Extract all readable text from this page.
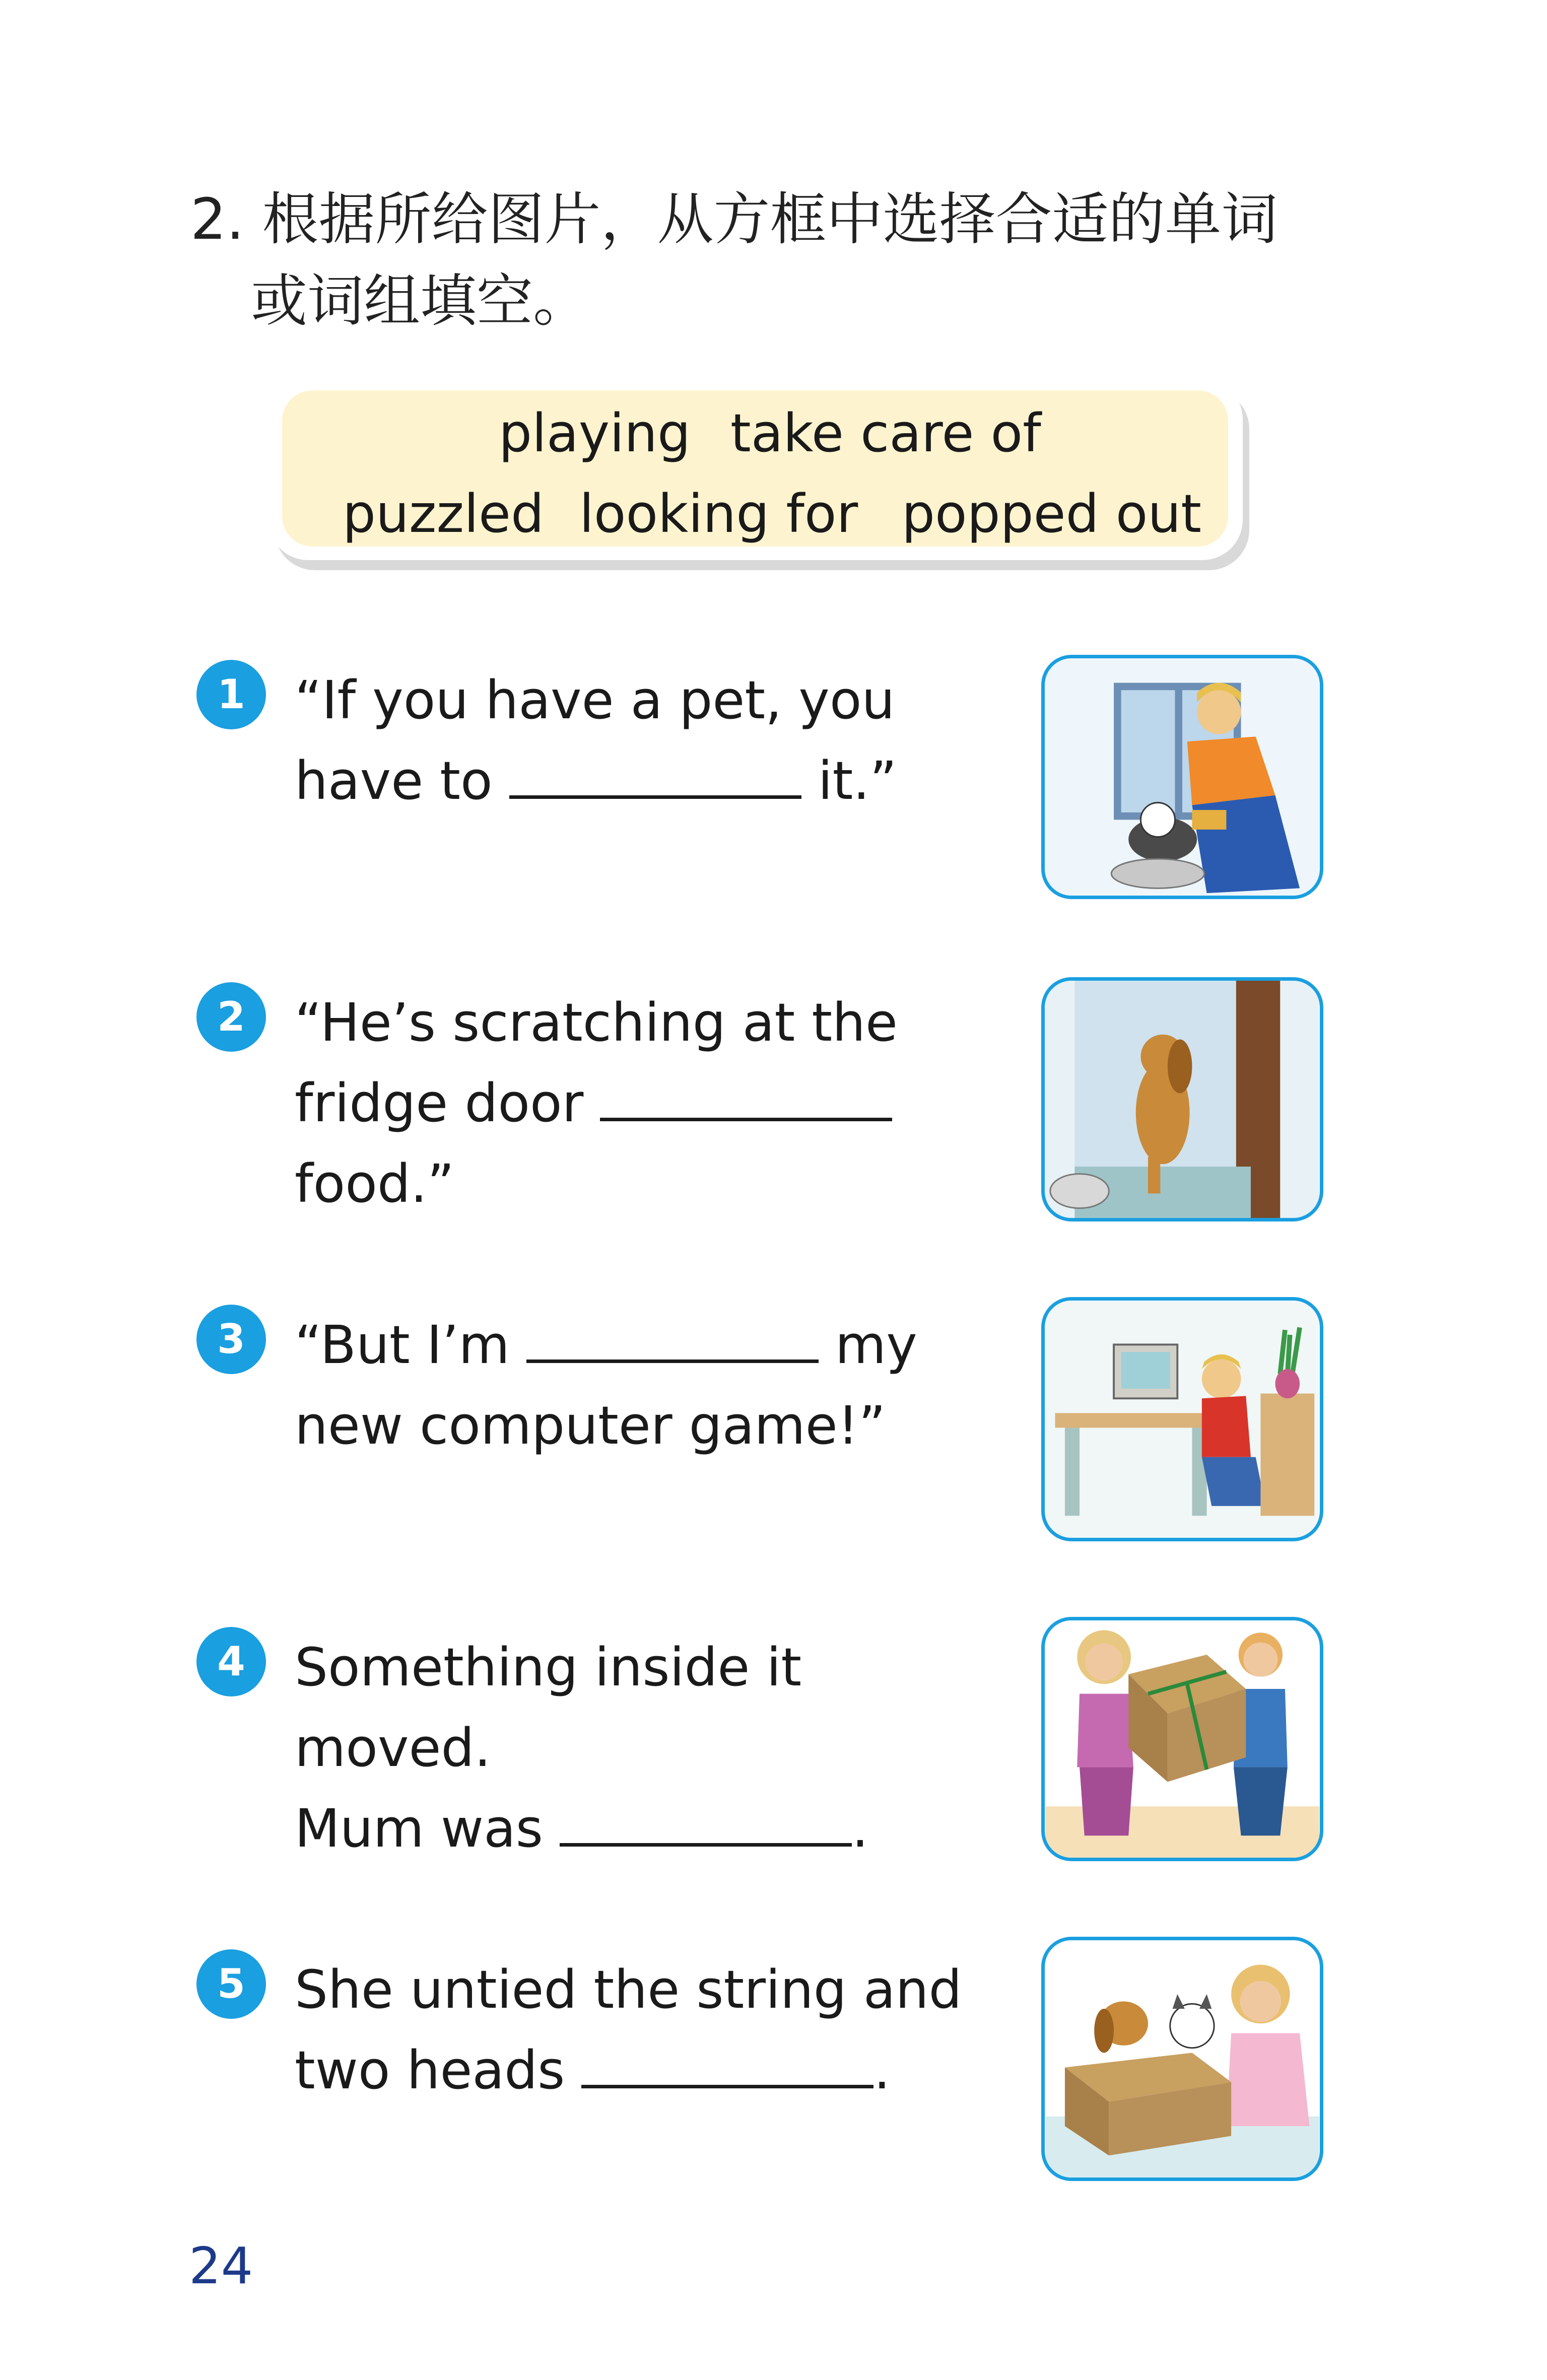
2. 根据所给图片，从方框中选择合适的单词
或词组填空。
playing take care of
puzzled looking for popped out
1 “If you have a pet, you
have to	it.”
2 “He’s scratching at the
fridge door
food.”
3 “But I’m	my
new computer game!”
4 Something inside it moved.
Mum was	.
5 She untied the string and
two heads	.
24
